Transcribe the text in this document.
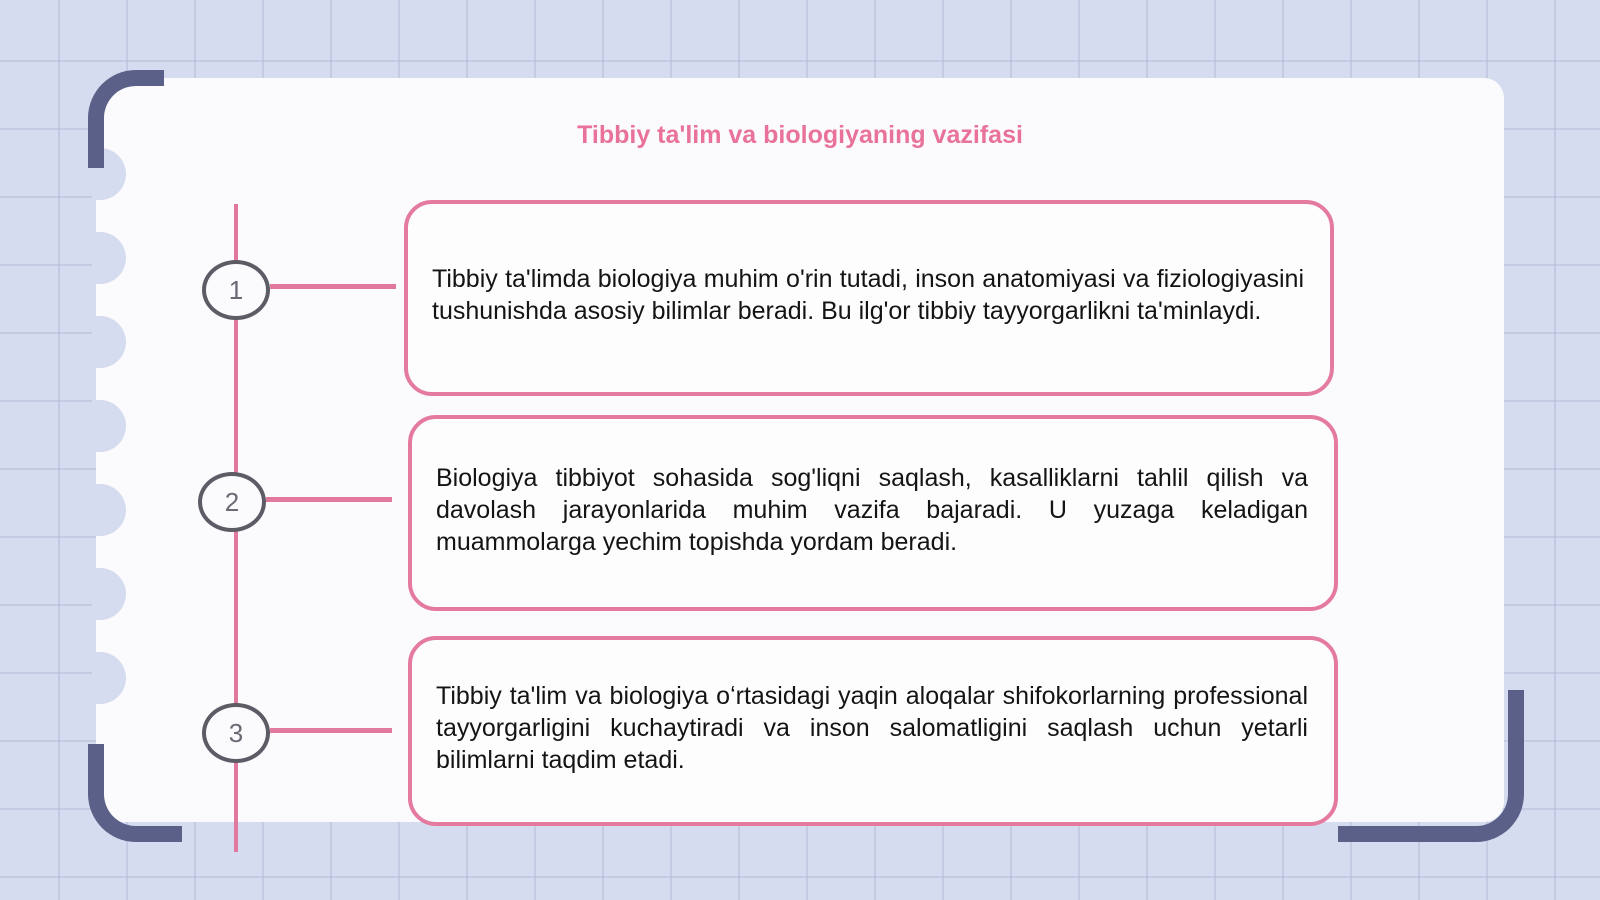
Tibbiy ta'lim va biologiyaning vazifasi
1	Tibbiy ta'limda biologiya muhim o'rin tutadi, inson anatomiyasi va fiziologiyasini tushunishda asosiy bilimlar beradi. Bu ilg'or tibbiy tayyorgarlikni ta'minlaydi.

2

Biologiya tibbiyot sohasida sog'liqni saqlash, kasalliklarni tahlil qilish va davolash jarayonlarida muhim vazifa bajaradi. U yuzaga keladigan muammolarga yechim topishda yordam beradi.

3

Tibbiy ta'lim va biologiya oʻrtasidagi yaqin aloqalar shifokorlarning professional tayyorgarligini kuchaytiradi va inson salomatligini saqlash uchun yetarli bilimlarni taqdim etadi.
